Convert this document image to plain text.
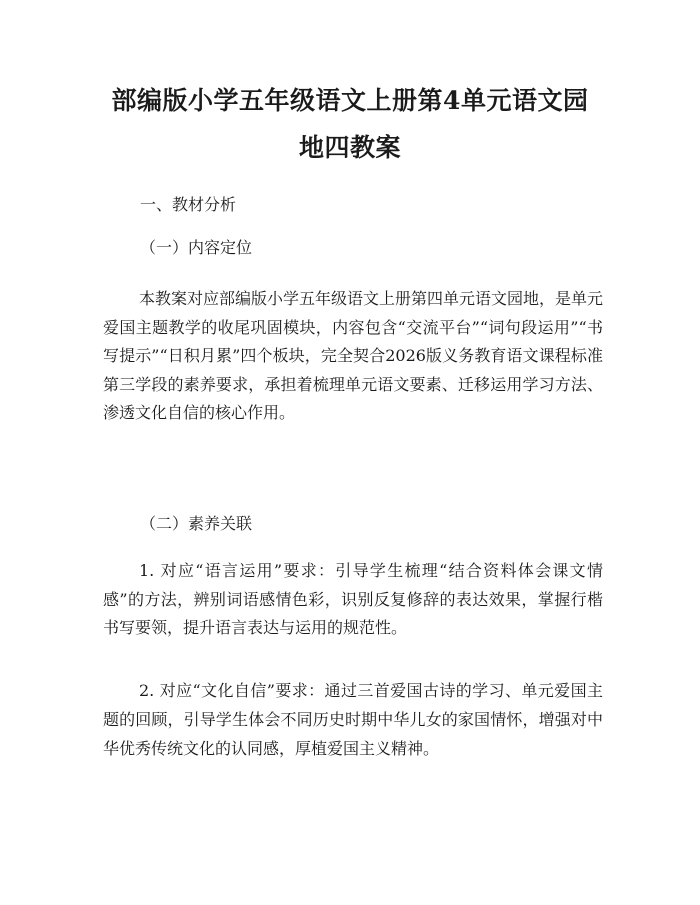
部编版小学五年级语文上册第4单元语文园
地四教案
一、教材分析
（一）内容定位
本教案对应部编版小学五年级语文上册第四单元语文园地，是单元爱国主题教学的收尾巩固模块，内容包含“交流平台”“词句段运用”“书写提示”“日积月累”四个板块，完全契合2026版义务教育语文课程标准第三学段的素养要求，承担着梳理单元语文要素、迁移运用学习方法、渗透文化自信的核心作用。
（二）素养关联
1. 对应“语言运用”要求：引导学生梳理“结合资料体会课文情感”的方法，辨别词语感情色彩，识别反复修辞的表达效果，掌握行楷书写要领，提升语言表达与运用的规范性。
2. 对应“文化自信”要求：通过三首爱国古诗的学习、单元爱国主题的回顾，引导学生体会不同历史时期中华儿女的家国情怀，增强对中华优秀传统文化的认同感，厚植爱国主义精神。
